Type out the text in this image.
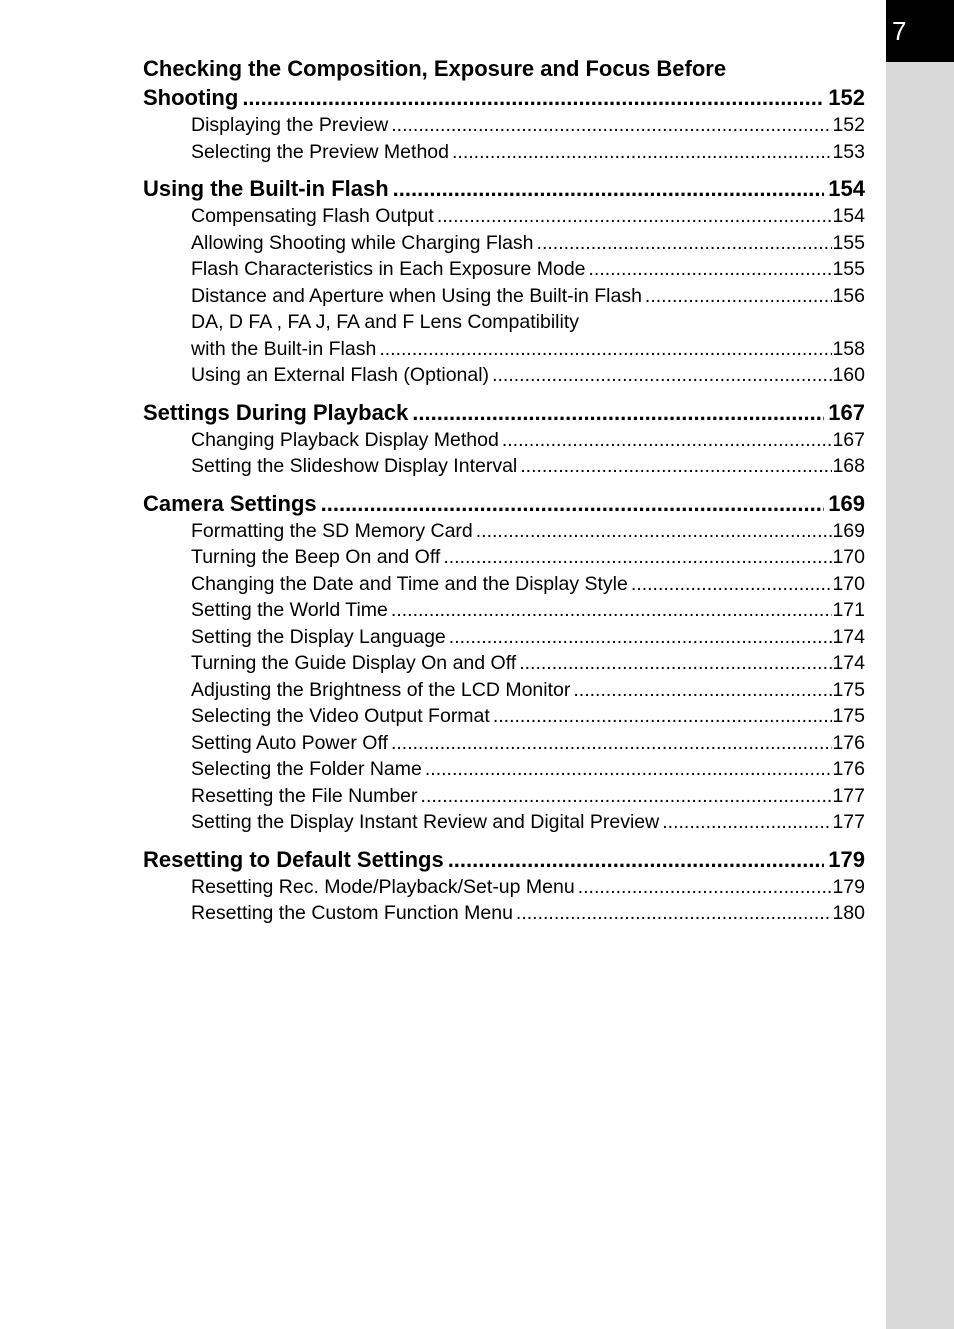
7
Checking the Composition, Exposure and Focus Before
Shooting .....	152
Displaying the Preview .....	152
Selecting the Preview Method .....	153
Using the Built-in Flash .....	154
Compensating Flash Output .....	154
Allowing Shooting while Charging Flash .....	155
Flash Characteristics in Each Exposure Mode .....	155
Distance and Aperture when Using the Built-in Flash .....	156
DA, D FA , FA J, FA and F Lens Compatibility
with the Built-in Flash .....	158
Using an External Flash (Optional) .....	160
Settings During Playback .....	167
Changing Playback Display Method .....	167
Setting the Slideshow Display Interval .....	168
Camera Settings .....	169
Formatting the SD Memory Card .....	169
Turning the Beep On and Off .....	170
Changing the Date and Time and the Display Style .....	170
Setting the World Time .....	171
Setting the Display Language .....	174
Turning the Guide Display On and Off .....	174
Adjusting the Brightness of the LCD Monitor .....	175
Selecting the Video Output Format .....	175
Setting Auto Power Off .....	176
Selecting the Folder Name .....	176
Resetting the File Number .....	177
Setting the Display Instant Review and Digital Preview .....	177
Resetting to Default Settings .....	179
Resetting Rec. Mode/Playback/Set-up Menu .....	179
Resetting the Custom Function Menu .....	180
